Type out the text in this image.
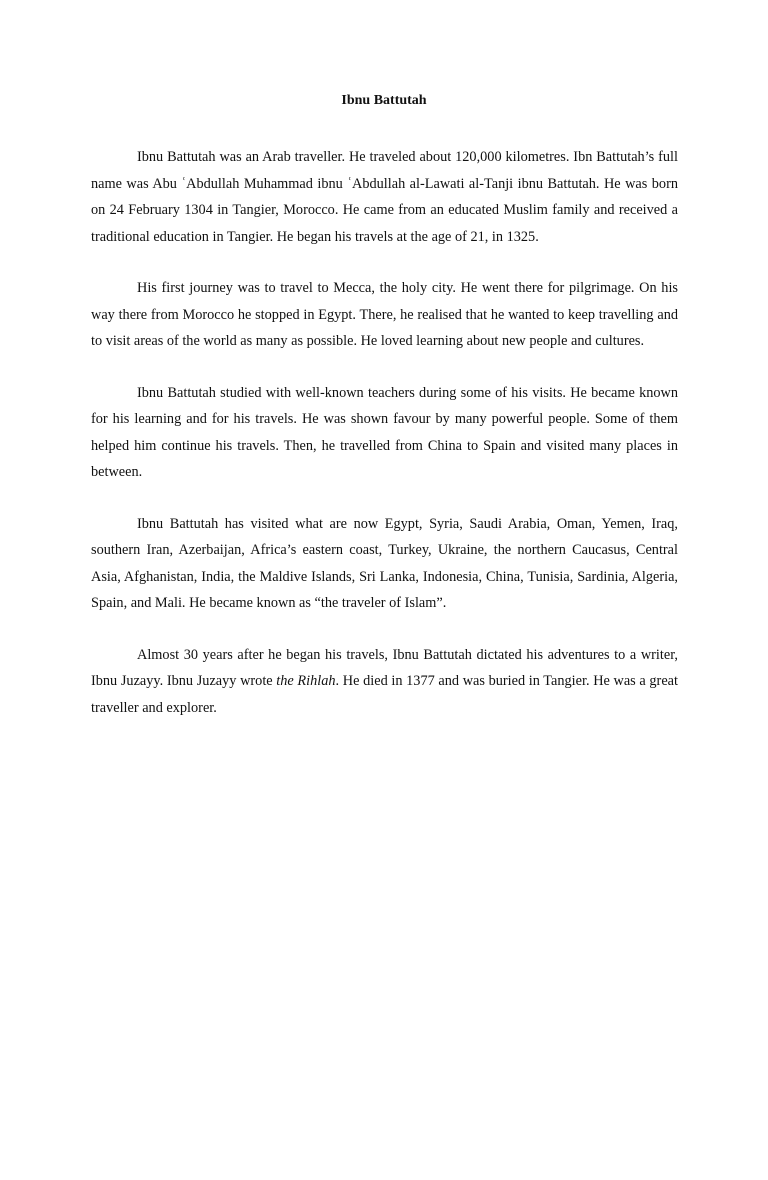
Ibnu Battutah

Ibnu Battutah was an Arab traveller. He traveled about 120,000 kilometres. Ibn Battutah’s full name was Abu ʿAbdullah Muhammad ibnu ʿAbdullah al-Lawati al-Tanji ibnu Battutah. He was born on 24 February 1304 in Tangier, Morocco. He came from an educated Muslim family and received a traditional education in Tangier. He began his travels at the age of 21, in 1325.

His first journey was to travel to Mecca, the holy city. He went there for pilgrimage. On his way there from Morocco he stopped in Egypt. There, he realised that he wanted to keep travelling and to visit areas of the world as many as possible. He loved learning about new people and cultures.

Ibnu Battutah studied with well-known teachers during some of his visits. He became known for his learning and for his travels. He was shown favour by many powerful people. Some of them helped him continue his travels. Then, he travelled from China to Spain and visited many places in between.

Ibnu Battutah has visited what are now Egypt, Syria, Saudi Arabia, Oman, Yemen, Iraq, southern Iran, Azerbaijan, Africa’s eastern coast, Turkey, Ukraine, the northern Caucasus, Central Asia, Afghanistan, India, the Maldive Islands, Sri Lanka, Indonesia, China, Tunisia, Sardinia, Algeria, Spain, and Mali. He became known as “the traveler of Islam”.

Almost 30 years after he began his travels, Ibnu Battutah dictated his adventures to a writer, Ibnu Juzayy. Ibnu Juzayy wrote the Rihlah. He died in 1377 and was buried in Tangier. He was a great traveller and explorer.
